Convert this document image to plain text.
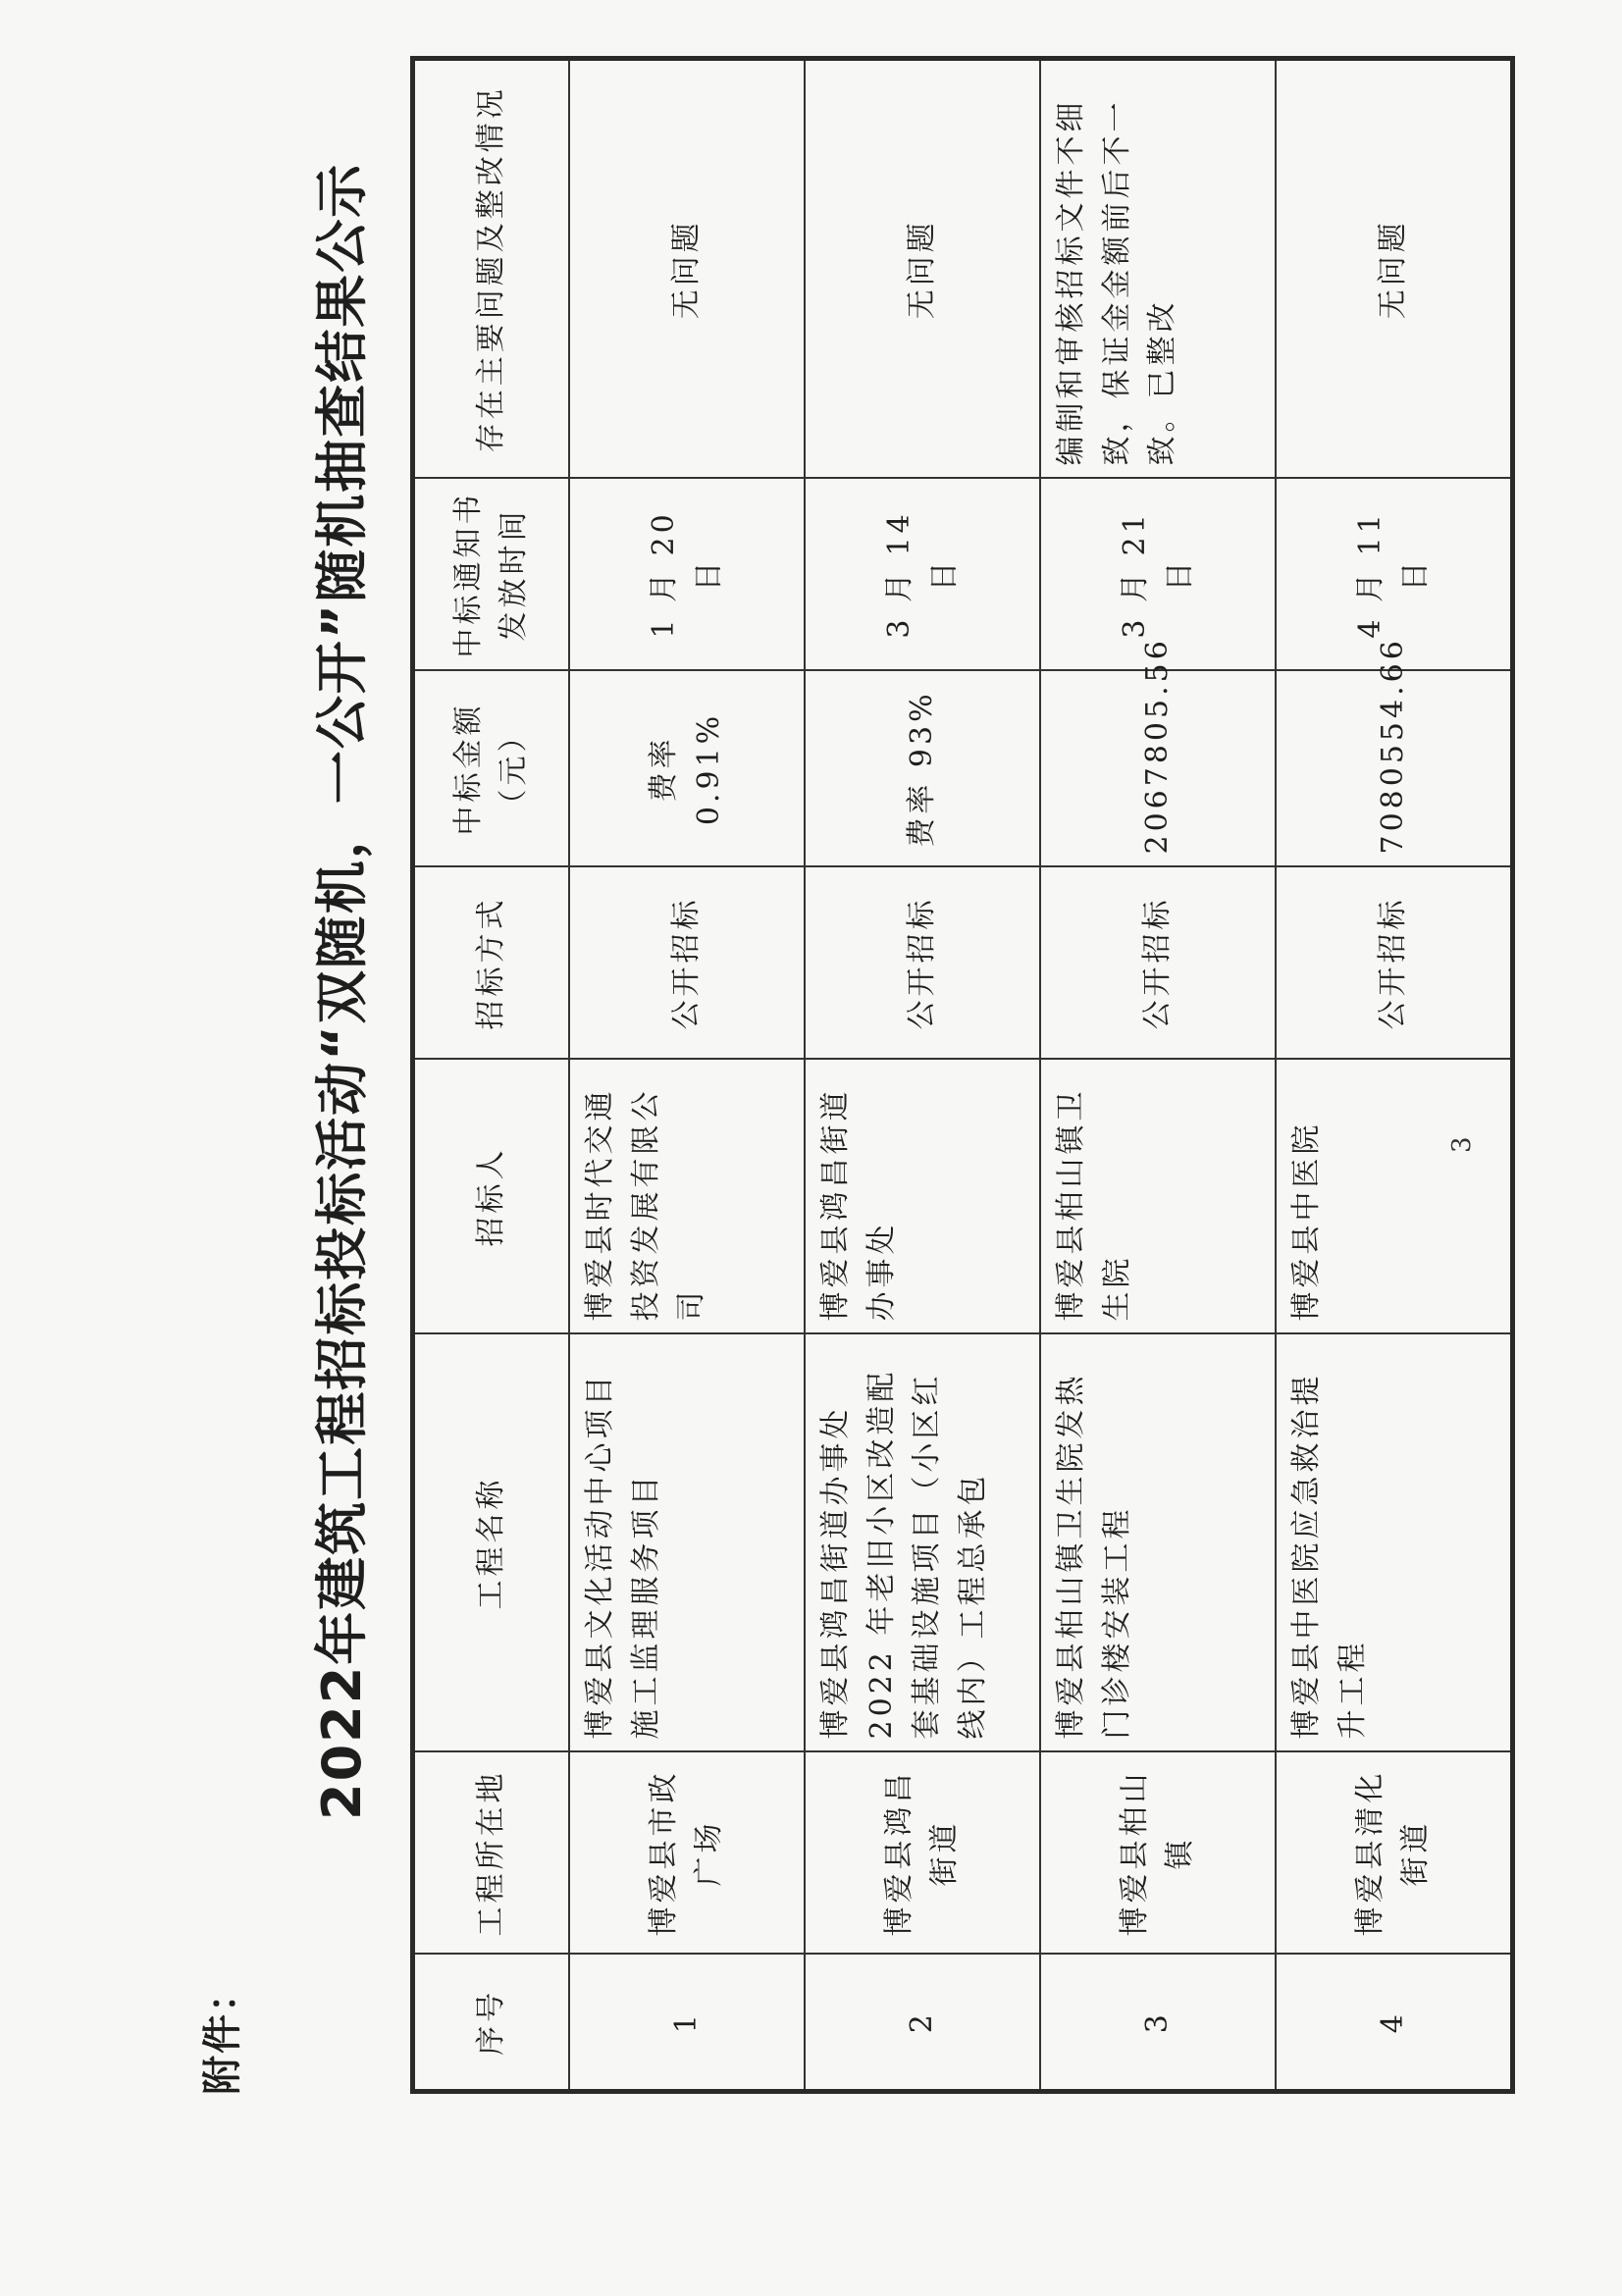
附件：
2022年建筑工程招标投标活动“双随机，一公开”随机抽查结果公示
序号	工程所在地	工程名称	招标人	招标方式	中标金额（元）	中标通知书发放时间	存在主要问题及整改情况
1	博爱县市政广场	博爱县文化活动中心项目施工监理服务项目	博爱县时代交通投资发展有限公司	公开招标	费率 0.91%	1 月 20 日	无问题
2	博爱县鸿昌街道	博爱县鸿昌街道办事处 2022 年老旧小区改造配套基础设施项目（小区红线内）工程总承包	博爱县鸿昌街道办事处	公开招标	费率 93%	3 月 14 日	无问题
3	博爱县柏山镇	博爱县柏山镇卫生院发热门诊楼安装工程	博爱县柏山镇卫生院	公开招标	2067805.56	3 月 21 日	编制和审核招标文件不细致，保证金金额前后不一致。已整改
4	博爱县清化街道	博爱县中医院应急救治提升工程	博爱县中医院	公开招标	7080554.66	4 月 11 日	无问题
3
